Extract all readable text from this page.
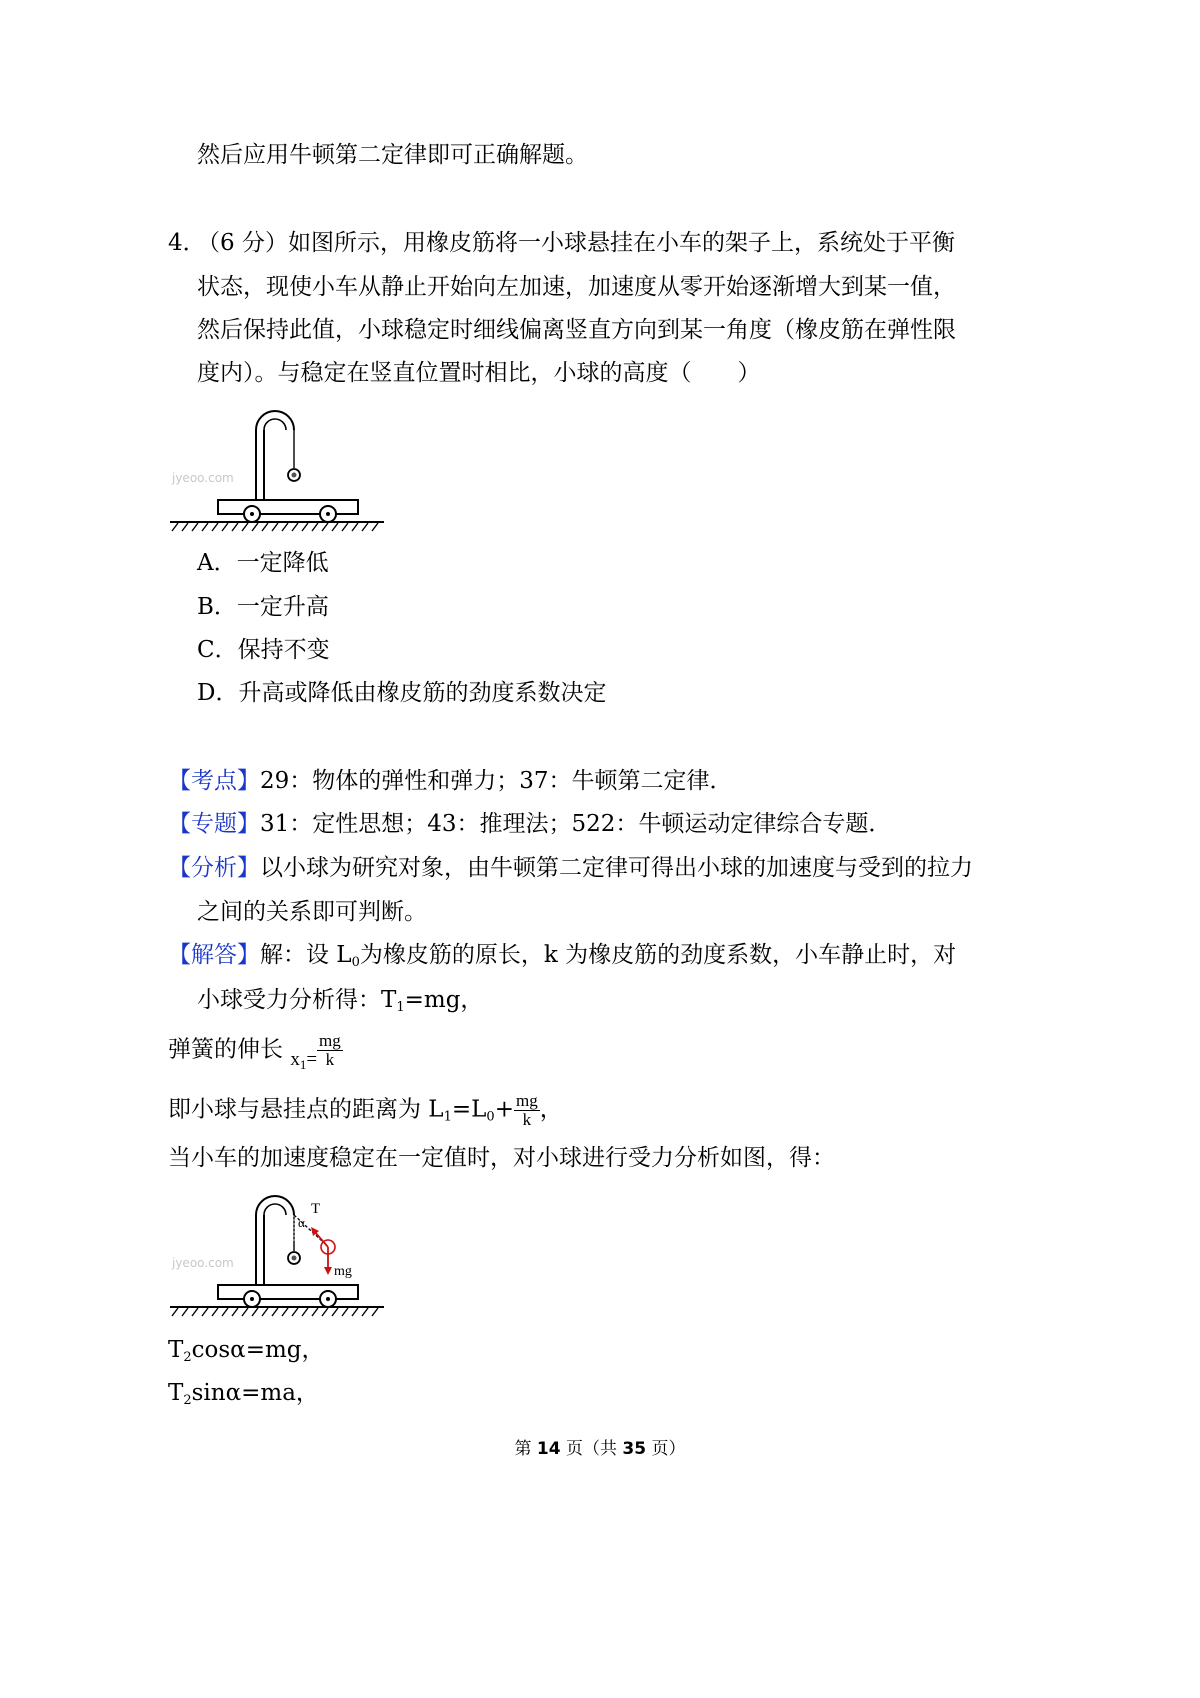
然后应用牛顿第二定律即可正确解题。
4．
（6 分）如图所示，用橡皮筋将一小球悬挂在小车的架子上，系统处于平衡
状态，现使小车从静止开始向左加速，加速度从零开始逐渐增大到某一值，
然后保持此值，小球稳定时细线偏离竖直方向到某一角度（橡皮筋在弹性限
度内）。与稳定在竖直位置时相比，小球的高度（　　）
jyeoo.com
A．一定降低
B．一定升高
C．保持不变
D．升高或降低由橡皮筋的劲度系数决定
【考点】29：物体的弹性和弹力；37：牛顿第二定律．
【专题】31：定性思想；43：推理法；522：牛顿运动定律综合专题．
【分析】以小球为研究对象，由牛顿第二定律可得出小球的加速度与受到的拉力
之间的关系即可判断。
【解答】解：设 $L_0$为橡皮筋的原长，k 为橡皮筋的劲度系数，小车静止时，对
小球受力分析得：$T_1=mg$，
弹簧的伸长 $_{x_1=} \frac{mg}{k}$
即小球与悬挂点的距离为 $L_1=L_0+ \frac{mg}{k}$ ，
当小车的加速度稳定在一定值时，对小球进行受力分析如图，得：
jyeoo.com
T
α
mg
$T_2\cos\alpha=mg$，
$T_2\sin\alpha=ma$，
第 14 页（共 35 页）
